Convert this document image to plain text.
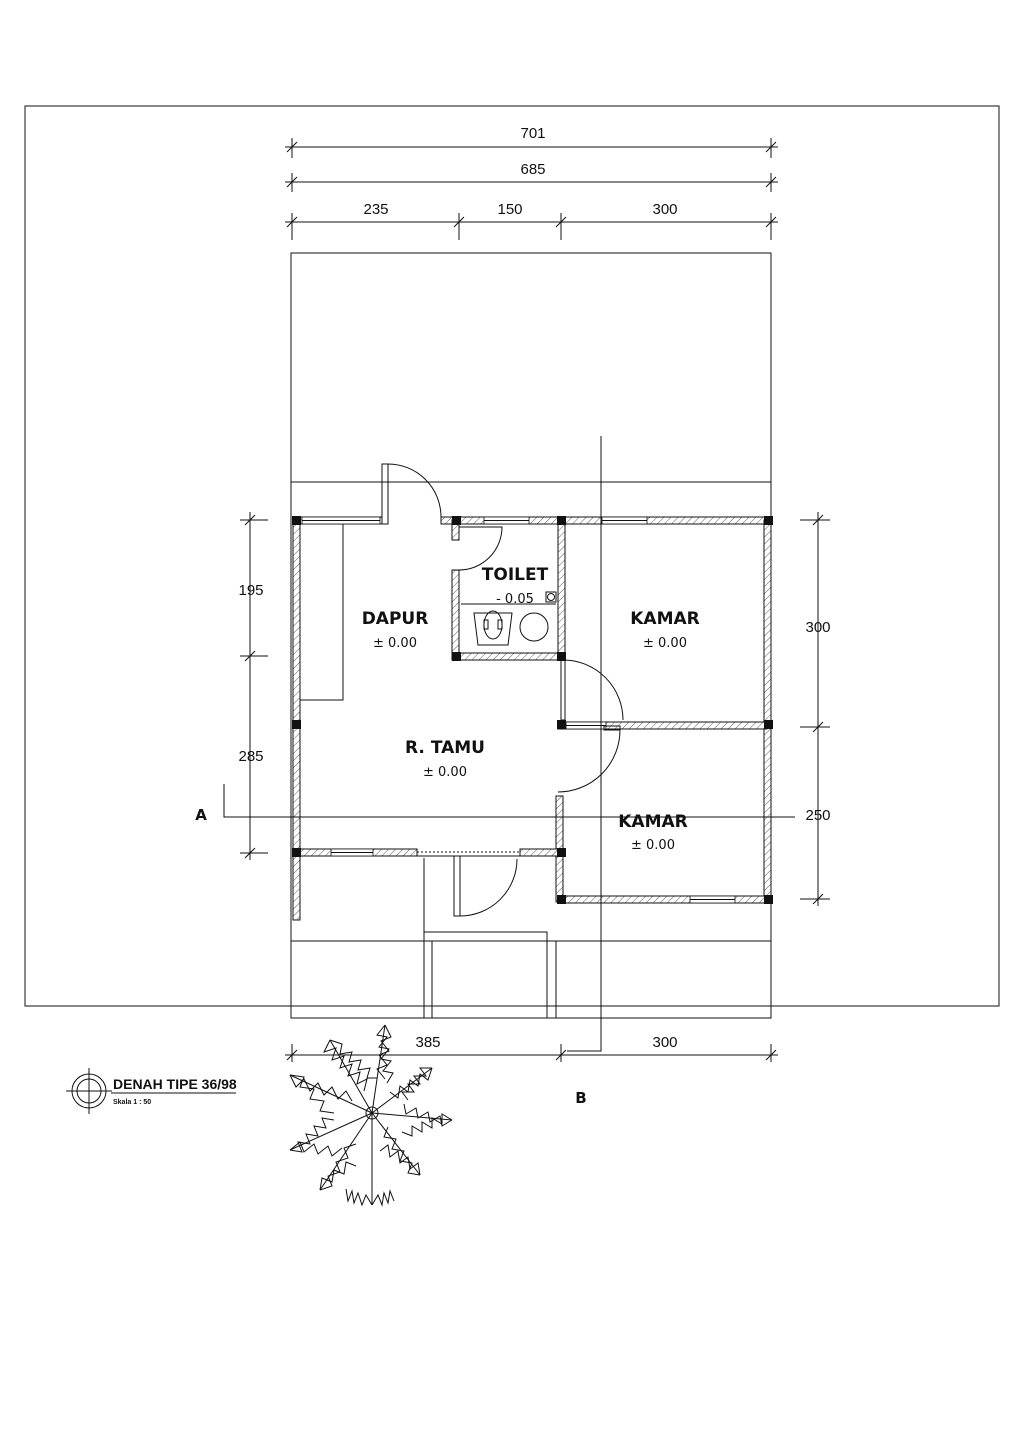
701
685
235	150	300
195
285
300
250
385	300
A
B
TOILET
- 0.05
DAPUR
± 0.00
KAMAR
± 0.00
R. TAMU
± 0.00
KAMAR
± 0.00
DENAH TIPE 36/98
Skala 1 : 50
